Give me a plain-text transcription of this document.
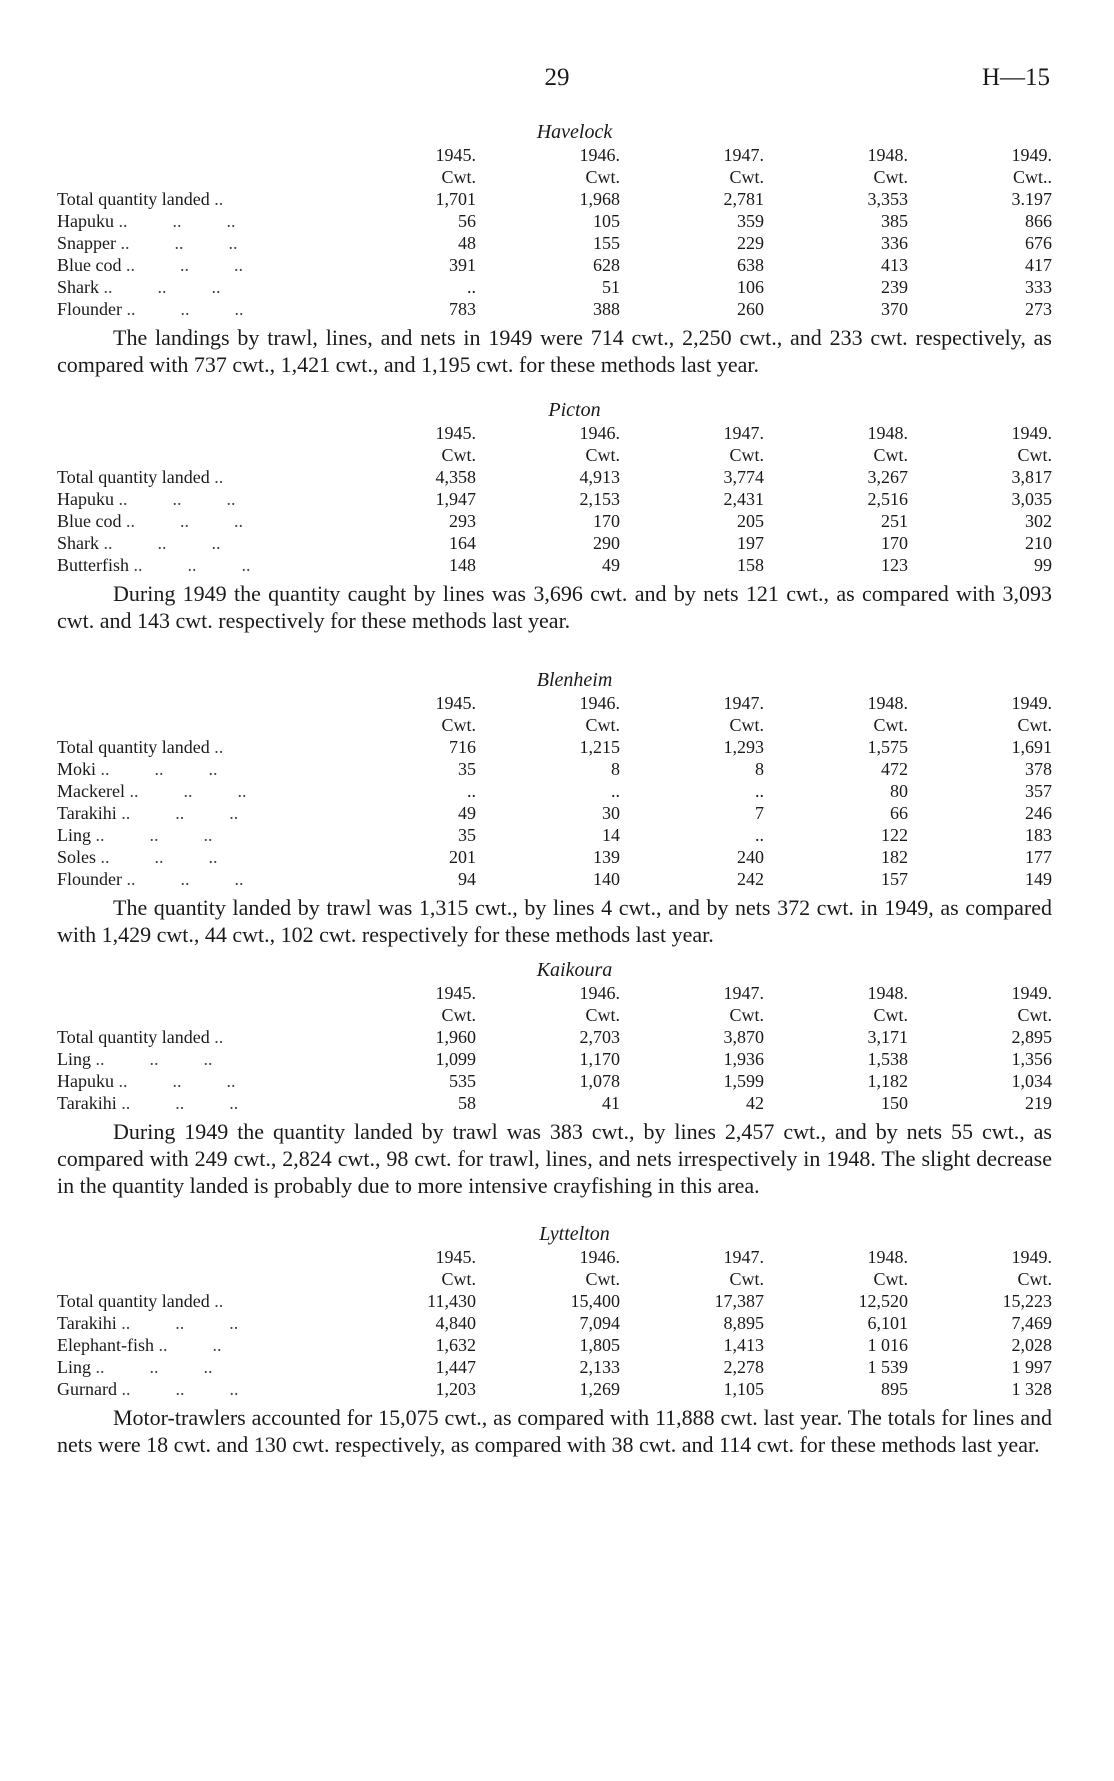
29	H—15
Havelock
	1945.	1946.	1947.	1948.	1949.
	Cwt.	Cwt.	Cwt.	Cwt.	Cwt..
Total quantity landed ..	1,701	1,968	2,781	3,353	3.197
Hapuku ..          ..          ..	56	105	359	385	866
Snapper ..          ..          ..	48	155	229	336	676
Blue cod ..          ..          ..	391	628	638	413	417
Shark ..          ..          ..	..	51	106	239	333
Flounder ..          ..          ..	783	388	260	370	273

The landings by trawl, lines, and nets in 1949 were 714 cwt., 2,250 cwt., and 233 cwt. respectively, as compared with 737 cwt., 1,421 cwt., and 1,195 cwt. for these methods last year.

Picton
	1945.	1946.	1947.	1948.	1949.
	Cwt.	Cwt.	Cwt.	Cwt.	Cwt.
Total quantity landed ..	4,358	4,913	3,774	3,267	3,817
Hapuku ..          ..          ..	1,947	2,153	2,431	2,516	3,035
Blue cod ..          ..          ..	293	170	205	251	302
Shark ..          ..          ..	164	290	197	170	210
Butterfish ..          ..          ..	148	49	158	123	99

During 1949 the quantity caught by lines was 3,696 cwt. and by nets 121 cwt., as compared with 3,093 cwt. and 143 cwt. respectively for these methods last year.

Blenheim
	1945.	1946.	1947.	1948.	1949.
	Cwt.	Cwt.	Cwt.	Cwt.	Cwt.
Total quantity landed ..	716	1,215	1,293	1,575	1,691
Moki ..          ..          ..	35	8	8	472	378
Mackerel ..          ..          ..	..	..	..	80	357
Tarakihi ..          ..          ..	49	30	7	66	246
Ling ..          ..          ..	35	14	..	122	183
Soles ..          ..          ..	201	139	240	182	177
Flounder ..          ..          ..	94	140	242	157	149

The quantity landed by trawl was 1,315 cwt., by lines 4 cwt., and by nets 372 cwt. in 1949, as compared with 1,429 cwt., 44 cwt., 102 cwt. respectively for these methods last year.

Kaikoura
	1945.	1946.	1947.	1948.	1949.
	Cwt.	Cwt.	Cwt.	Cwt.	Cwt.
Total quantity landed ..	1,960	2,703	3,870	3,171	2,895
Ling ..          ..          ..	1,099	1,170	1,936	1,538	1,356
Hapuku ..          ..          ..	535	1,078	1,599	1,182	1,034
Tarakihi ..          ..          ..	58	41	42	150	219

During 1949 the quantity landed by trawl was 383 cwt., by lines 2,457 cwt., and by nets 55 cwt., as compared with 249 cwt., 2,824 cwt., 98 cwt. for trawl, lines, and nets irrespectively in 1948. The slight decrease in the quantity landed is probably due to more intensive crayfishing in this area.

Lyttelton
	1945.	1946.	1947.	1948.	1949.
	Cwt.	Cwt.	Cwt.	Cwt.	Cwt.
Total quantity landed ..	11,430	15,400	17,387	12,520	15,223
Tarakihi ..          ..          ..	4,840	7,094	8,895	6,101	7,469
Elephant-fish ..          ..	1,632	1,805	1,413	1 016	2,028
Ling ..          ..          ..	1,447	2,133	2,278	1 539	1 997
Gurnard ..          ..          ..	1,203	1,269	1,105	895	1 328

Motor-trawlers accounted for 15,075 cwt., as compared with 11,888 cwt. last year. The totals for lines and nets were 18 cwt. and 130 cwt. respectively, as compared with 38 cwt. and 114 cwt. for these methods last year.
